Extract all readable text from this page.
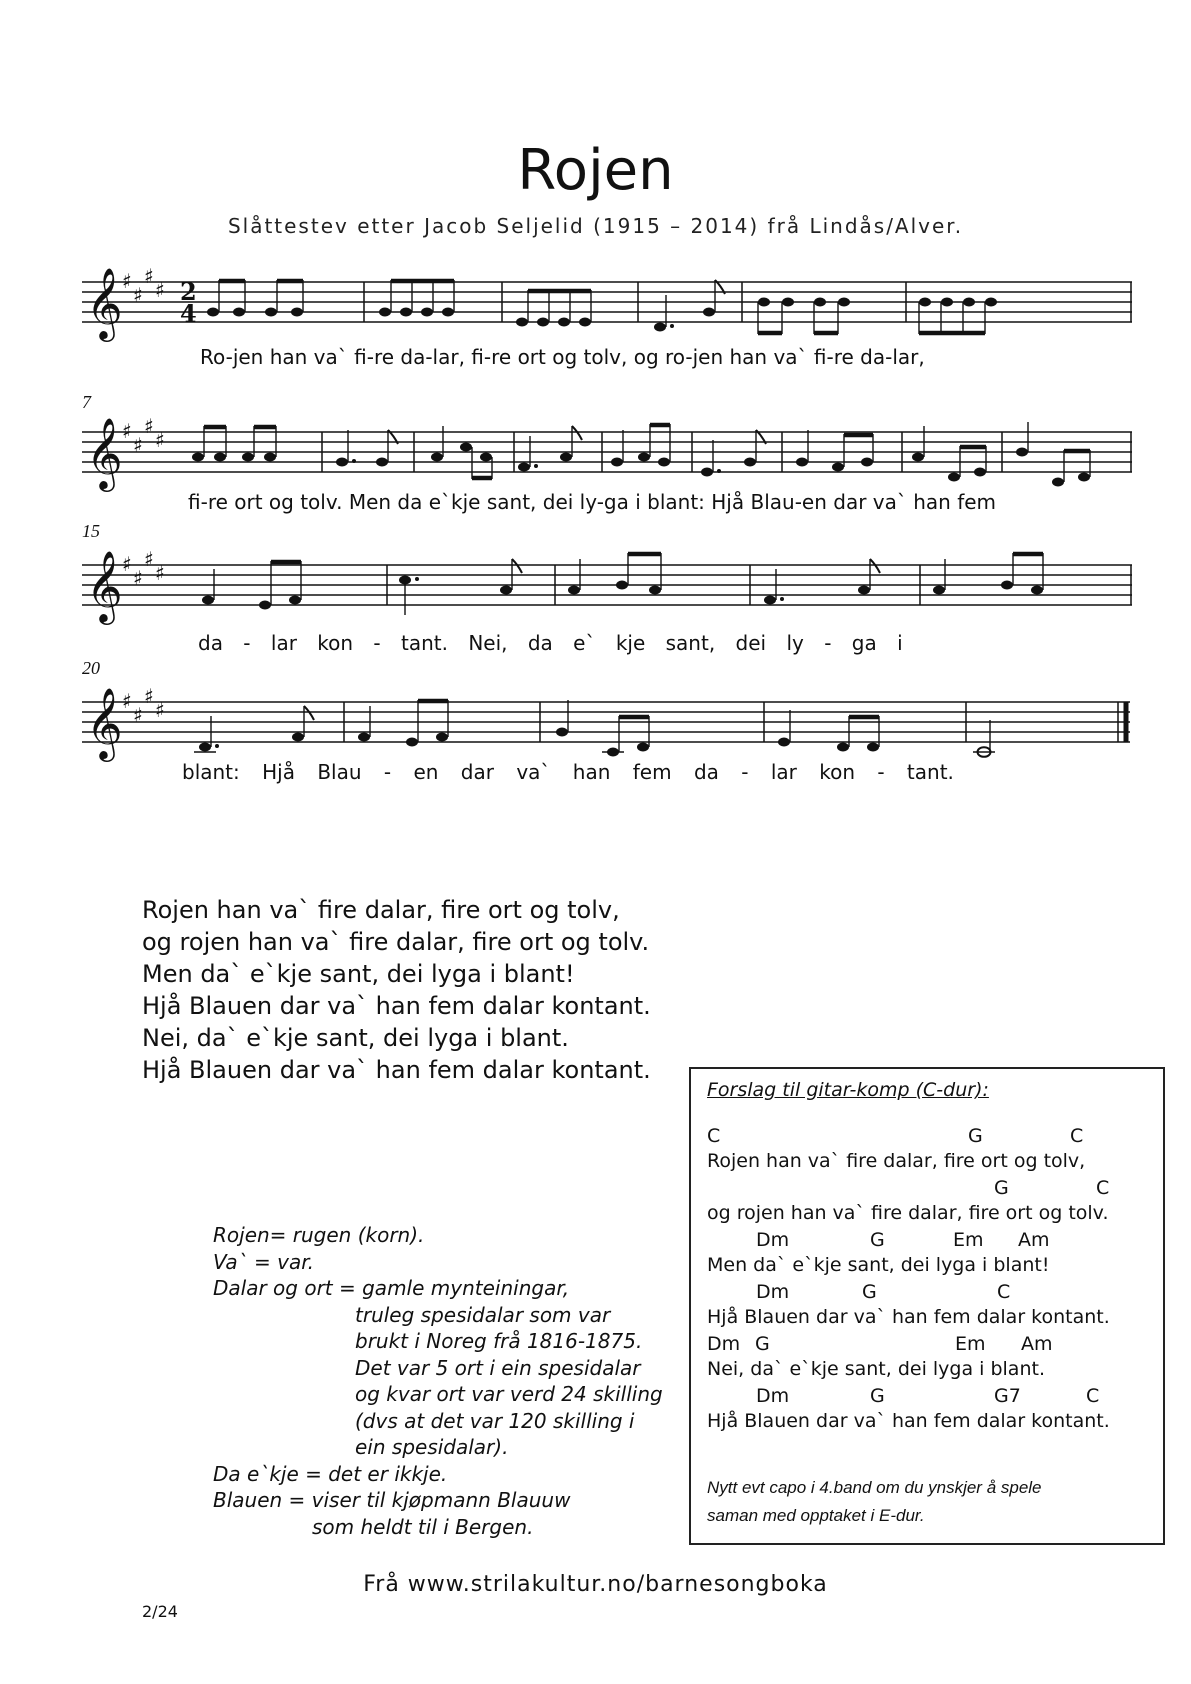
Rojen
Slåttestev etter Jacob Seljelid (1915 – 2014) frå Lindås/Alver.
𝄞 ♯
♯
♯
♯ 2
4
Ro-jen han va` fi-re da-lar, fi-re ort og tolv, og ro-jen han va` fi-re da-lar,
7
𝄞 ♯
♯
♯
♯
fi-re ort og tolv. Men da e`kje sant, dei ly-ga i blant: Hjå Blau-en dar va` han fem
15
𝄞 ♯
♯
♯
♯
da - lar kon - tant. Nei, da e` kje sant, dei ly - ga i
20
𝄞 ♯
♯
♯
♯
blant: Hjå Blau - en dar va` han fem da - lar kon - tant.
Rojen han va` fire dalar, fire ort og tolv,
og rojen han va` fire dalar, fire ort og tolv.
Men da` e`kje sant, dei lyga i blant!
Hjå Blauen dar va` han fem dalar kontant.
Nei, da` e`kje sant, dei lyga i blant.
Hjå Blauen dar va` han fem dalar kontant.
Rojen= rugen (korn).
Va` = var.
Dalar og ort = gamle mynteiningar,
truleg spesidalar som var
brukt i Noreg frå 1816-1875.
Det var 5 ort i ein spesidalar
og kvar ort var verd 24 skilling
(dvs at det var 120 skilling i
ein spesidalar).
Da e`kje = det er ikkje.
Blauen = viser til kjøpmann Blauuw
som heldt til i Bergen.
Forslag til gitar-komp (C-dur):
C	G	C
Rojen han va` fire dalar, fire ort og tolv,
G	C
og rojen han va` fire dalar, fire ort og tolv.
Dm	G	Em Am
Men da` e`kje sant, dei lyga i blant!
Dm	G	C
Hjå Blauen dar va` han fem dalar kontant.
Dm G	Em Am
Nei, da` e`kje sant, dei lyga i blant.
Dm	G	G7	C
Hjå Blauen dar va` han fem dalar kontant.
Nytt evt capo i 4.band om du ynskjer å spele
saman med opptaket i E-dur.
Frå www.strilakultur.no/barnesongboka
2/24
